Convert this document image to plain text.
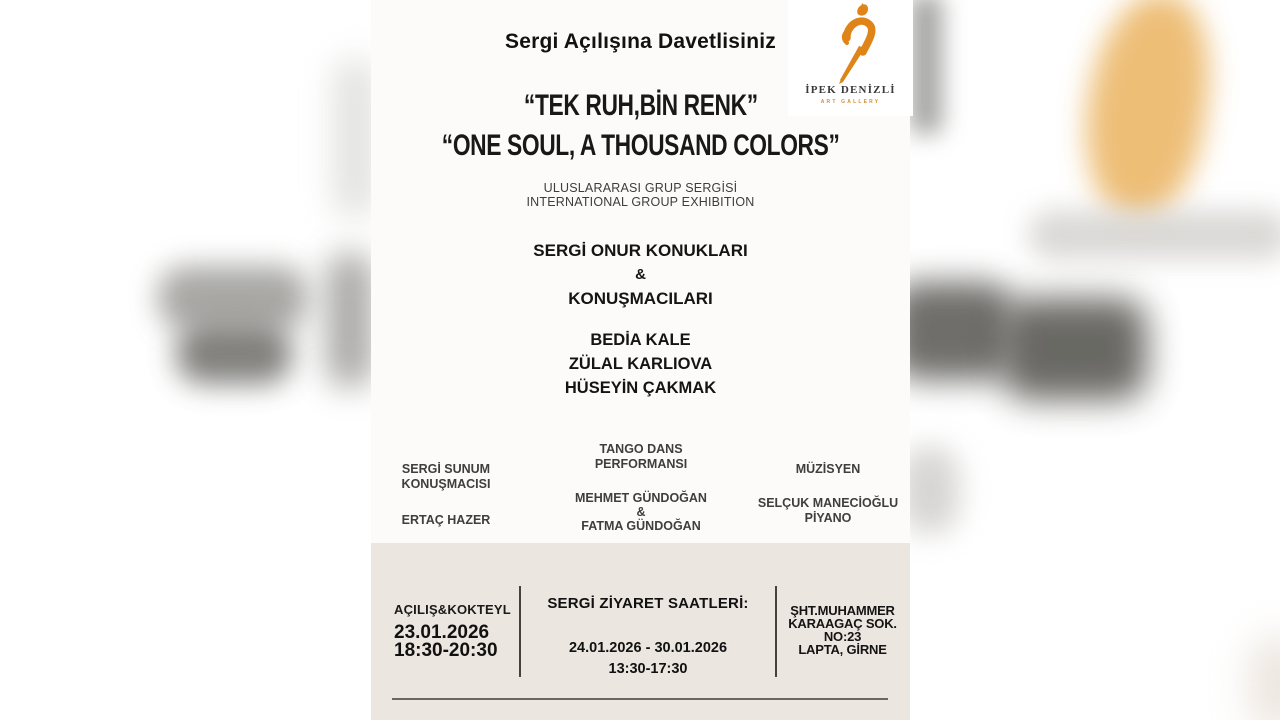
Sergi Açılışına Davetlisiniz
“TEK RUH,BİN RENK”
“ONE SOUL, A THOUSAND COLORS”
ULUSLARARASI GRUP SERGİSİ
INTERNATIONAL GROUP EXHIBITION
SERGİ ONUR KONUKLARI
&
KONUŞMACILARI
BEDİA KALE
ZÜLAL KARLIOVA
HÜSEYİN ÇAKMAK
SERGİ SUNUM
KONUŞMACISI
ERTAÇ HAZER
TANGO DANS
PERFORMANSI
MEHMET GÜNDOĞAN
&
FATMA GÜNDOĞAN
MÜZİSYEN
SELÇUK MANECİOĞLU
PİYANO
AÇILIŞ&KOKTEYL
23.01.2026
18:30-20:30
SERGİ ZİYARET SAATLERİ:
24.01.2026 - 30.01.2026
13:30-17:30
ŞHT.MUHAMMER
KARAAGAÇ SOK.
NO:23
LAPTA, GİRNE
İPEK DENİZLİ
ART GALLERY
